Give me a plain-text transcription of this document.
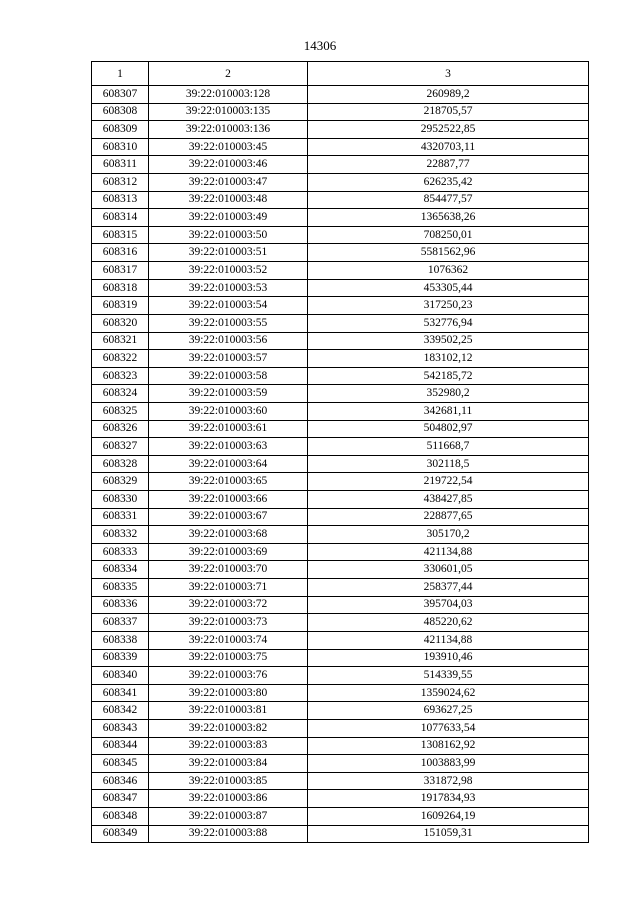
14306
1	2	3
608307	39:22:010003:128	260989,2
608308	39:22:010003:135	218705,57
608309	39:22:010003:136	2952522,85
608310	39:22:010003:45	4320703,11
608311	39:22:010003:46	22887,77
608312	39:22:010003:47	626235,42
608313	39:22:010003:48	854477,57
608314	39:22:010003:49	1365638,26
608315	39:22:010003:50	708250,01
608316	39:22:010003:51	5581562,96
608317	39:22:010003:52	1076362
608318	39:22:010003:53	453305,44
608319	39:22:010003:54	317250,23
608320	39:22:010003:55	532776,94
608321	39:22:010003:56	339502,25
608322	39:22:010003:57	183102,12
608323	39:22:010003:58	542185,72
608324	39:22:010003:59	352980,2
608325	39:22:010003:60	342681,11
608326	39:22:010003:61	504802,97
608327	39:22:010003:63	511668,7
608328	39:22:010003:64	302118,5
608329	39:22:010003:65	219722,54
608330	39:22:010003:66	438427,85
608331	39:22:010003:67	228877,65
608332	39:22:010003:68	305170,2
608333	39:22:010003:69	421134,88
608334	39:22:010003:70	330601,05
608335	39:22:010003:71	258377,44
608336	39:22:010003:72	395704,03
608337	39:22:010003:73	485220,62
608338	39:22:010003:74	421134,88
608339	39:22:010003:75	193910,46
608340	39:22:010003:76	514339,55
608341	39:22:010003:80	1359024,62
608342	39:22:010003:81	693627,25
608343	39:22:010003:82	1077633,54
608344	39:22:010003:83	1308162,92
608345	39:22:010003:84	1003883,99
608346	39:22:010003:85	331872,98
608347	39:22:010003:86	1917834,93
608348	39:22:010003:87	1609264,19
608349	39:22:010003:88	151059,31
